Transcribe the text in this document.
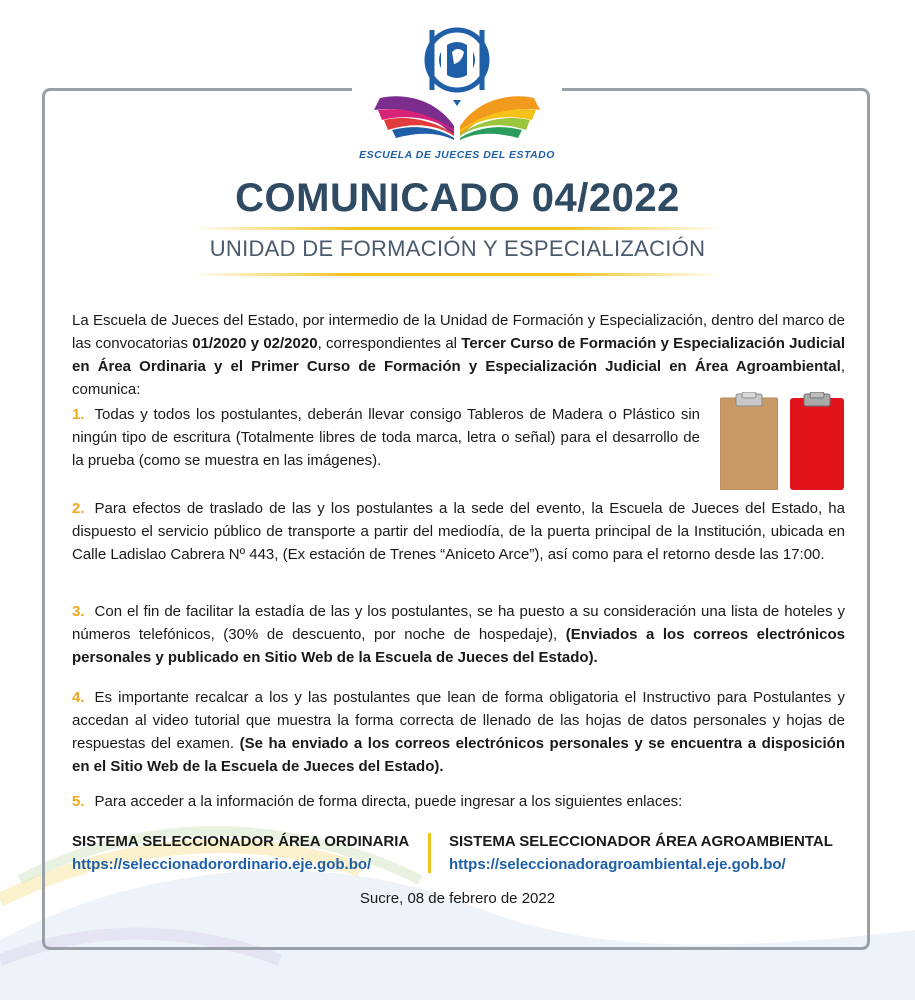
ESCUELA DE JUECES DEL ESTADO
COMUNICADO 04/2022
UNIDAD DE FORMACIÓN Y ESPECIALIZACIÓN
La Escuela de Jueces del Estado, por intermedio de la Unidad de Formación y Especialización, dentro del marco de las convocatorias 01/2020 y 02/2020, correspondientes al Tercer Curso de Formación y Especialización Judicial en Área Ordinaria y el Primer Curso de Formación y Especialización Judicial en Área Agroambiental, comunica:
1. Todas y todos los postulantes, deberán llevar consigo Tableros de Madera o Plástico sin ningún tipo de escritura (Totalmente libres de toda marca, letra o señal) para el desarrollo de la prueba (como se muestra en las imágenes).
2. Para efectos de traslado de las y los postulantes a la sede del evento, la Escuela de Jueces del Estado, ha dispuesto el servicio público de transporte a partir del mediodía, de la puerta principal de la Institución, ubicada en Calle Ladislao Cabrera Nº 443, (Ex estación de Trenes “Aniceto Arce”), así como para el retorno desde las 17:00.
3. Con el fin de facilitar la estadía de las y los postulantes, se ha puesto a su consideración una lista de hoteles y números telefónicos, (30% de descuento, por noche de hospedaje), (Enviados a los correos electrónicos personales y publicado en Sitio Web de la Escuela de Jueces del Estado).
4. Es importante recalcar a los y las postulantes que lean de forma obligatoria el Instructivo para Postulantes y accedan al video tutorial que muestra la forma correcta de llenado de las hojas de datos personales y hojas de respuestas del examen. (Se ha enviado a los correos electrónicos personales y se encuentra a disposición en el Sitio Web de la Escuela de Jueces del Estado).
5. Para acceder a la información de forma directa, puede ingresar a los siguientes enlaces:
SISTEMA SELECCIONADOR ÁREA ORDINARIA
https://seleccionadorordinario.eje.gob.bo/
SISTEMA SELECCIONADOR ÁREA AGROAMBIENTAL
https://seleccionadoragroambiental.eje.gob.bo/
Sucre, 08 de febrero de 2022
